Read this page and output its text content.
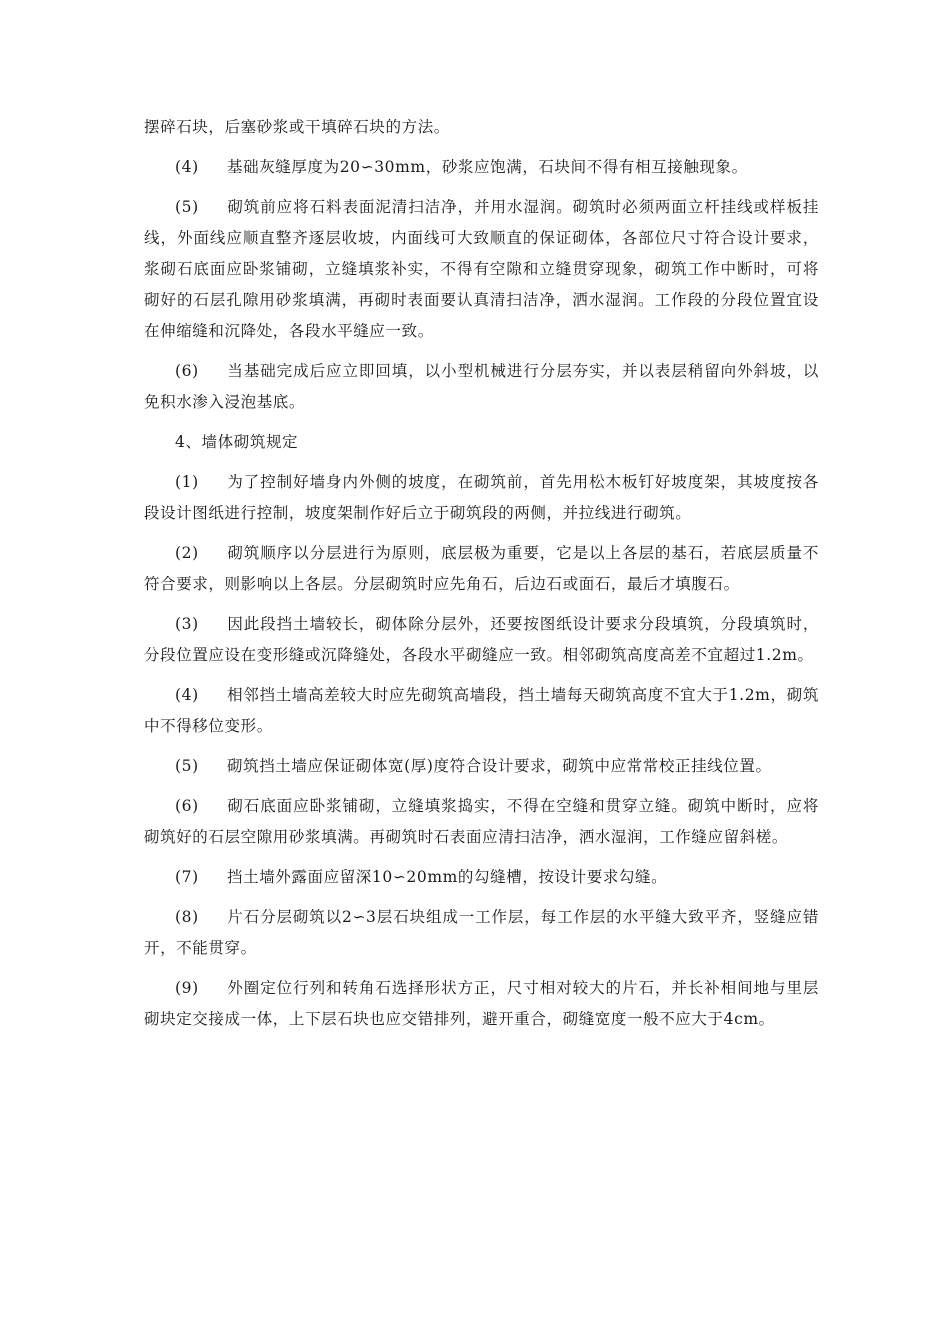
摆碎石块，后塞砂浆或干填碎石块的方法。

(4) 基础灰缝厚度为20∽30mm，砂浆应饱满，石块间不得有相互接触现象。

(5) 砌筑前应将石料表面泥清扫洁净，并用水湿润。砌筑时必须两面立杆挂线或样板挂线，外面线应顺直整齐逐层收坡，内面线可大致顺直的保证砌体，各部位尺寸符合设计要求，浆砌石底面应卧浆铺砌，立缝填浆补实，不得有空隙和立缝贯穿现象，砌筑工作中断时，可将砌好的石层孔隙用砂浆填满，再砌时表面要认真清扫洁净，洒水湿润。工作段的分段位置宜设在伸缩缝和沉降处，各段水平缝应一致。

(6) 当基础完成后应立即回填，以小型机械进行分层夯实，并以表层稍留向外斜坡，以免积水渗入浸泡基底。

4、墙体砌筑规定

(1) 为了控制好墙身内外侧的坡度，在砌筑前，首先用松木板钉好坡度架，其坡度按各段设计图纸进行控制，坡度架制作好后立于砌筑段的两侧，并拉线进行砌筑。

(2) 砌筑顺序以分层进行为原则，底层极为重要，它是以上各层的基石，若底层质量不符合要求，则影响以上各层。分层砌筑时应先角石，后边石或面石，最后才填腹石。

(3) 因此段挡土墙较长，砌体除分层外，还要按图纸设计要求分段填筑，分段填筑时，分段位置应设在变形缝或沉降缝处，各段水平砌缝应一致。相邻砌筑高度高差不宜超过1.2m。

(4) 相邻挡土墙高差较大时应先砌筑高墙段，挡土墙每天砌筑高度不宜大于1.2m，砌筑中不得移位变形。

(5) 砌筑挡土墙应保证砌体宽(厚)度符合设计要求，砌筑中应常常校正挂线位置。

(6) 砌石底面应卧浆铺砌，立缝填浆捣实，不得在空缝和贯穿立缝。砌筑中断时，应将砌筑好的石层空隙用砂浆填满。再砌筑时石表面应清扫洁净，洒水湿润，工作缝应留斜槎。

(7) 挡土墙外露面应留深10∽20mm的勾缝槽，按设计要求勾缝。

(8) 片石分层砌筑以2∽3层石块组成一工作层，每工作层的水平缝大致平齐，竖缝应错开，不能贯穿。

(9) 外圈定位行列和转角石选择形状方正，尺寸相对较大的片石，并长补相间地与里层砌块定交接成一体，上下层石块也应交错排列，避开重合，砌缝宽度一般不应大于4cm。
